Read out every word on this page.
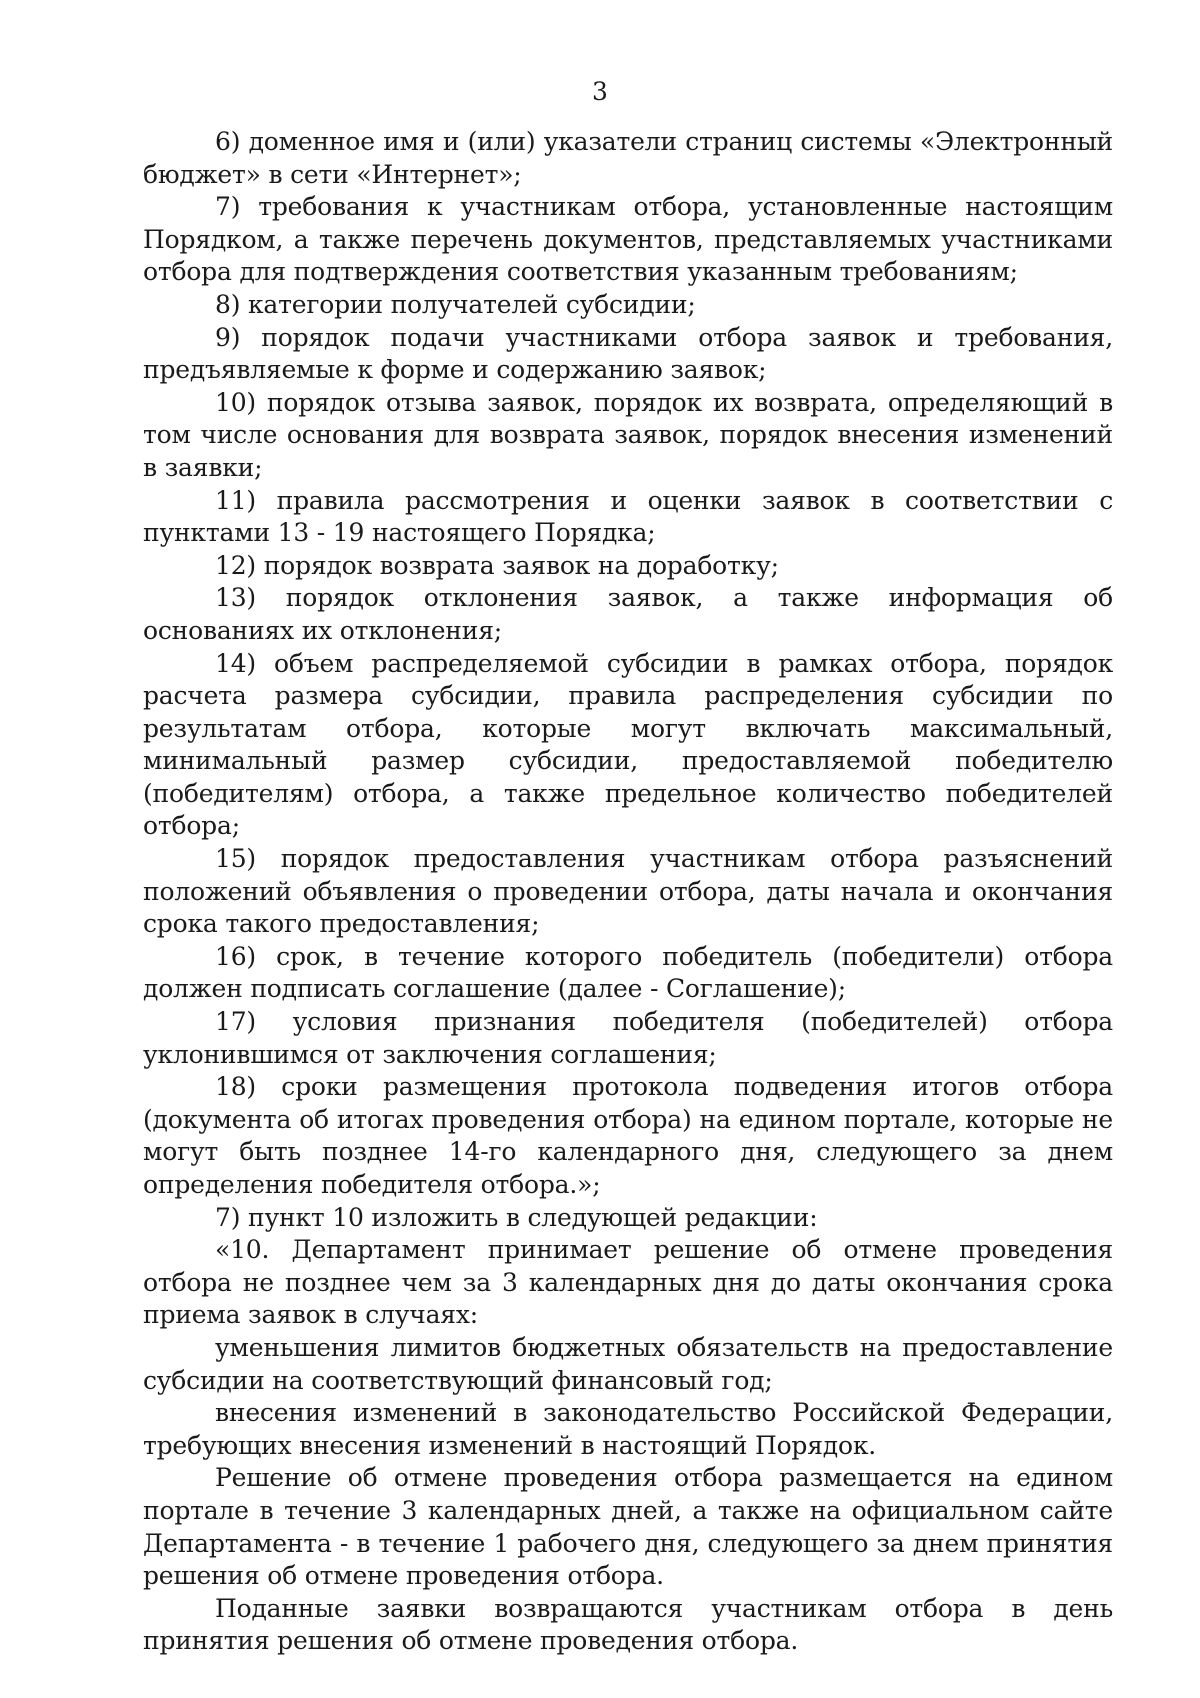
3

6) доменное имя и (или) указатели страниц системы «Электронный бюджет» в сети «Интернет»;

7) требования к участникам отбора, установленные настоящим Порядком, а также перечень документов, представляемых участниками отбора для подтверждения соответствия указанным требованиям;

8) категории получателей субсидии;

9) порядок подачи участниками отбора заявок и требования, предъявляемые к форме и содержанию заявок;

10) порядок отзыва заявок, порядок их возврата, определяющий в том числе основания для возврата заявок, порядок внесения изменений в заявки;

11) правила рассмотрения и оценки заявок в соответствии с пунктами 13 - 19 настоящего Порядка;

12) порядок возврата заявок на доработку;

13) порядок отклонения заявок, а также информация об основаниях их отклонения;

14) объем распределяемой субсидии в рамках отбора, порядок расчета размера субсидии, правила распределения субсидии по результатам отбора, которые могут включать максимальный, минимальный размер субсидии, предоставляемой победителю (победителям) отбора, а также предельное количество победителей отбора;

15) порядок предоставления участникам отбора разъяснений положений объявления о проведении отбора, даты начала и окончания срока такого предоставления;

16) срок, в течение которого победитель (победители) отбора должен подписать соглашение (далее - Соглашение);

17) условия признания победителя (победителей) отбора уклонившимся от заключения соглашения;

18) сроки размещения протокола подведения итогов отбора (документа об итогах проведения отбора) на едином портале, которые не могут быть позднее 14-го календарного дня, следующего за днем определения победителя отбора.»;

7) пункт 10 изложить в следующей редакции:

«10. Департамент принимает решение об отмене проведения отбора не позднее чем за 3 календарных дня до даты окончания срока приема заявок в случаях:

уменьшения лимитов бюджетных обязательств на предоставление субсидии на соответствующий финансовый год;

внесения изменений в законодательство Российской Федерации, требующих внесения изменений в настоящий Порядок.

Решение об отмене проведения отбора размещается на едином портале в течение 3 календарных дней, а также на официальном сайте Департамента - в течение 1 рабочего дня, следующего за днем принятия решения об отмене проведения отбора.

Поданные заявки возвращаются участникам отбора в день принятия решения об отмене проведения отбора.
